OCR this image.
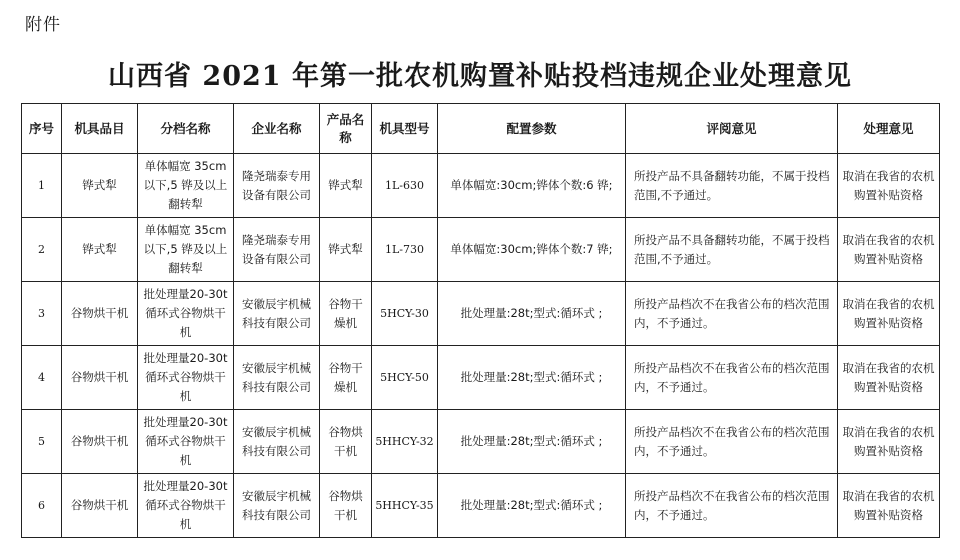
附件
山西省 2021 年第一批农机购置补贴投档违规企业处理意见
序号	机具品目	分档名称	企业名称	产品名称	机具型号	配置参数	评阅意见	处理意见
1	铧式犁	单体幅宽 35cm以下,5 铧及以上翻转犁	隆尧瑞泰专用设备有限公司	铧式犁	1L-630	单体幅宽:30cm;铧体个数:6 铧;	所投产品不具备翻转功能，不属于投档范围,不予通过。	取消在我省的农机购置补贴资格
2	铧式犁	单体幅宽 35cm以下,5 铧及以上翻转犁	隆尧瑞泰专用设备有限公司	铧式犁	1L-730	单体幅宽:30cm;铧体个数:7 铧;	所投产品不具备翻转功能，不属于投档范围,不予通过。	取消在我省的农机购置补贴资格
3	谷物烘干机	批处理量20-30t 循环式谷物烘干机	安徽辰宇机械科技有限公司	谷物干燥机	5HCY-30	批处理量:28t;型式:循环式 ;	所投产品档次不在我省公布的档次范围内，不予通过。	取消在我省的农机购置补贴资格
4	谷物烘干机	批处理量20-30t 循环式谷物烘干机	安徽辰宇机械科技有限公司	谷物干燥机	5HCY-50	批处理量:28t;型式:循环式 ;	所投产品档次不在我省公布的档次范围内，不予通过。	取消在我省的农机购置补贴资格
5	谷物烘干机	批处理量20-30t 循环式谷物烘干机	安徽辰宇机械科技有限公司	谷物烘干机	5HHCY-32	批处理量:28t;型式:循环式 ;	所投产品档次不在我省公布的档次范围内，不予通过。	取消在我省的农机购置补贴资格
6	谷物烘干机	批处理量20-30t 循环式谷物烘干机	安徽辰宇机械科技有限公司	谷物烘干机	5HHCY-35	批处理量:28t;型式:循环式 ;	所投产品档次不在我省公布的档次范围内，不予通过。	取消在我省的农机购置补贴资格
